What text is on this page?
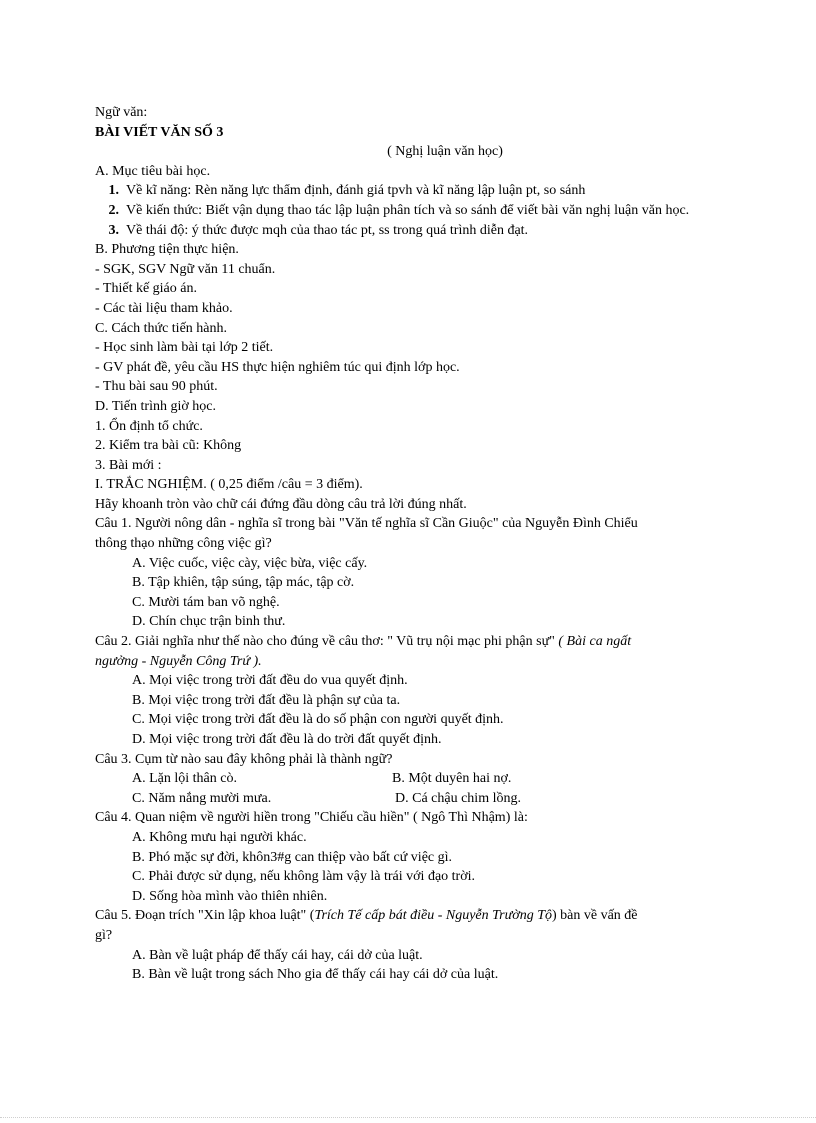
Ngữ văn:
BÀI VIẾT VĂN SỐ 3
( Nghị luận văn học)
A. Mục tiêu bài học.
1. Về kĩ năng: Rèn năng lực thẩm định, đánh giá tpvh và kĩ năng lập luận pt, so sánh
2. Về kiến thức: Biết vận dụng thao tác lập luận phân tích và so sánh để viết bài văn nghị luận văn học.
3. Về thái độ: ý thức được mqh của thao tác pt, ss trong quá trình diễn đạt.
B. Phương tiện thực hiện.
- SGK, SGV Ngữ văn 11 chuẩn.
- Thiết kế giáo án.
- Các tài liệu tham khảo.
C. Cách thức tiến hành.
- Học sinh làm bài tại lớp 2 tiết.
- GV phát đề, yêu cầu HS thực hiện nghiêm túc qui định lớp học.
- Thu bài sau 90 phút.
D. Tiến trình giờ học.
1. Ổn định tổ chức.
2. Kiểm tra bài cũ: Không
3. Bài mới :
I. TRẮC NGHIỆM. ( 0,25 điểm /câu = 3 điểm).
Hãy khoanh tròn vào chữ cái đứng đầu dòng câu trả lời đúng nhất.
Câu 1. Người nông dân - nghĩa sĩ trong bài "Văn tế nghĩa sĩ Cần Giuộc" của Nguyễn Đình Chiểu
thông thạo những công việc gì?
A. Việc cuốc, việc cày, việc bừa, việc cấy.
B. Tập khiên, tập súng, tập mác, tập cờ.
C. Mười tám ban võ nghệ.
D. Chín chục trận binh thư.
Câu 2. Giải nghĩa như thế nào cho đúng về câu thơ: " Vũ trụ nội mạc phi phận sự" ( Bài ca ngất
ngưởng - Nguyễn Công Trứ ).
A. Mọi việc trong trời đất đều do vua quyết định.
B. Mọi việc trong trời đất đều là phận sự của ta.
C. Mọi việc trong trời đất đều là do số phận con người quyết định.
D. Mọi việc trong trời đất đều là do trời đất quyết định.
Câu 3. Cụm từ nào sau đây không phải là thành ngữ?
A. Lặn lội thân cò.	B. Một duyên hai nợ.
C. Năm nắng mười mưa.	D. Cá chậu chim lồng.
Câu 4. Quan niệm về người hiền trong "Chiếu cầu hiền" ( Ngô Thì Nhậm) là:
A. Không mưu hại người khác.
B. Phó mặc sự đời, khôn3#g can thiệp vào bất cứ việc gì.
C. Phải được sử dụng, nếu không làm vậy là trái với đạo trời.
D. Sống hòa mình vào thiên nhiên.
Câu 5. Đoạn trích "Xin lập khoa luật" (Trích Tế cấp bát điều - Nguyễn Trường Tộ) bàn về vấn đề
gì?
A. Bàn về luật pháp để thấy cái hay, cái dở của luật.
B. Bàn về luật trong sách Nho gia để thấy cái hay cái dở của luật.
